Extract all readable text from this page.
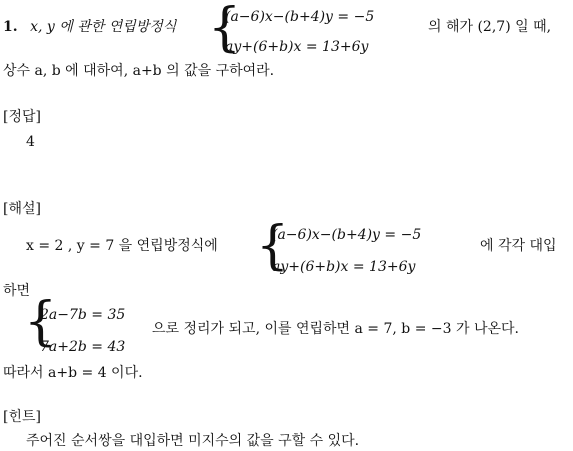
1. x, y 에 관한 연립방정식 {
(a−6)x−(b+4)y = −5
ay+(6+b)x = 13+6y
의 해가 (2,7) 일 때,
상수 a, b 에 대하여, a+b 의 값을 구하여라.
[정답]
4
[해설]
x = 2 , y = 7 을 연립방정식에 {
(a−6)x−(b+4)y = −5
ay+(6+b)x = 13+6y
에 각각 대입
하면
{
2a−7b = 35
7a+2b = 43
으로 정리가 되고, 이를 연립하면 a = 7, b = −3 가 나온다.
따라서 a+b = 4 이다.
[힌트]
주어진 순서쌍을 대입하면 미지수의 값을 구할 수 있다.
